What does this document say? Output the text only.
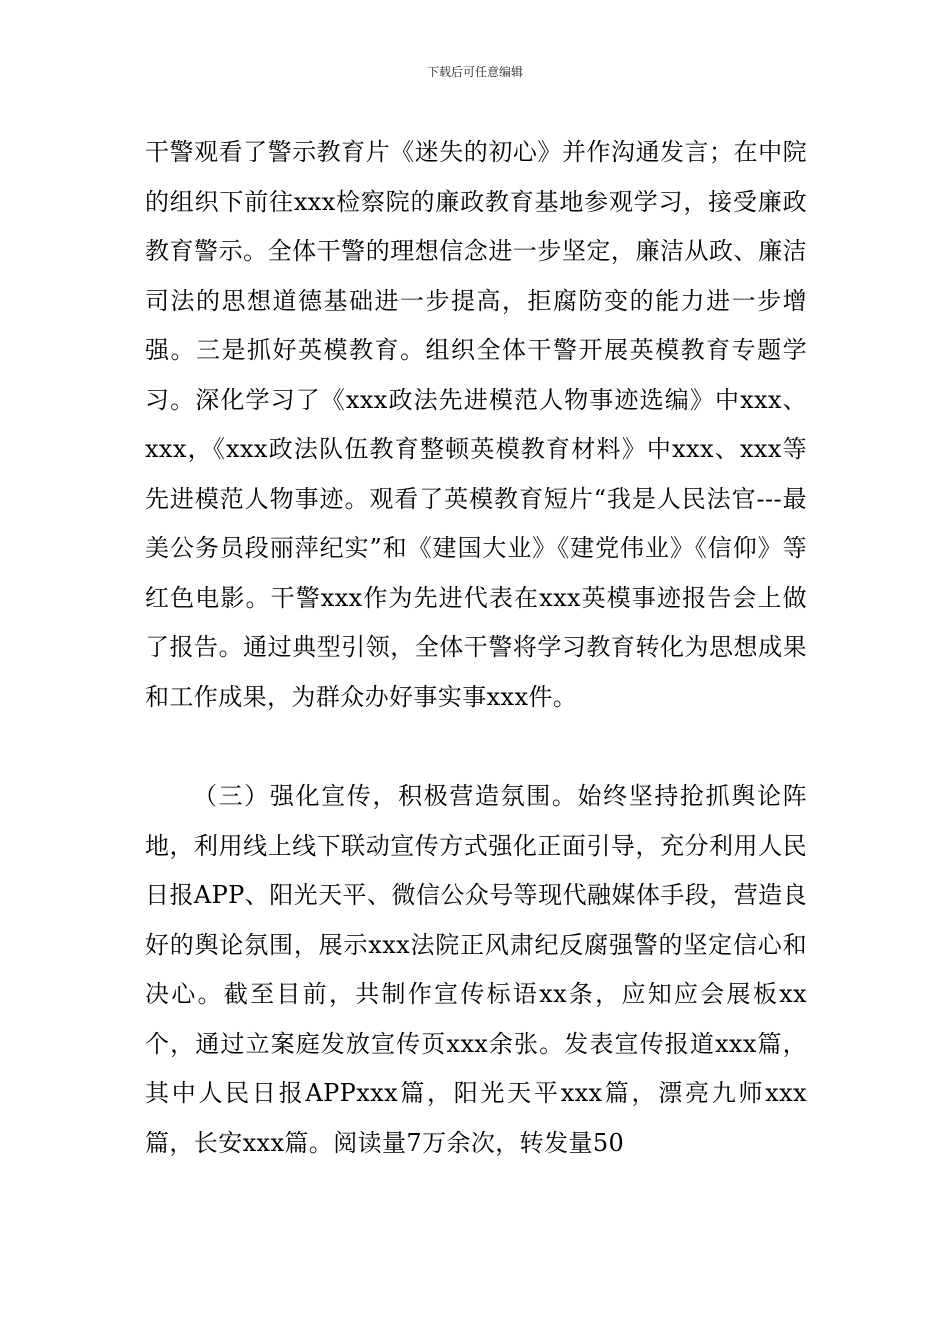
下载后可任意编辑

干警观看了警示教育片《迷失的初心》并作沟通发言；在中院的组织下前往xxx检察院的廉政教育基地参观学习，接受廉政教育警示。全体干警的理想信念进一步坚定，廉洁从政、廉洁司法的思想道德基础进一步提高，拒腐防变的能力进一步增强。三是抓好英模教育。组织全体干警开展英模教育专题学习。深化学习了《xxx政法先进模范人物事迹选编》中xxx、xxx，《xxx政法队伍教育整顿英模教育材料》中xxx、xxx等先进模范人物事迹。观看了英模教育短片“我是人民法官---最美公务员段丽萍纪实”和《建国大业》《建党伟业》《信仰》等红色电影。干警xxx作为先进代表在xxx英模事迹报告会上做了报告。通过典型引领，全体干警将学习教育转化为思想成果和工作成果，为群众办好事实事xxx件。

（三）强化宣传，积极营造氛围。始终坚持抢抓舆论阵地，利用线上线下联动宣传方式强化正面引导，充分利用人民日报APP、阳光天平、微信公众号等现代融媒体手段，营造良好的舆论氛围，展示xxx法院正风肃纪反腐强警的坚定信心和决心。截至目前，共制作宣传标语xx条，应知应会展板xx个，通过立案庭发放宣传页xxx余张。发表宣传报道xxx篇，其中人民日报APPxxx篇，阳光天平xxx篇，漂亮九师xxx篇，长安xxx篇。阅读量7万余次，转发量50
